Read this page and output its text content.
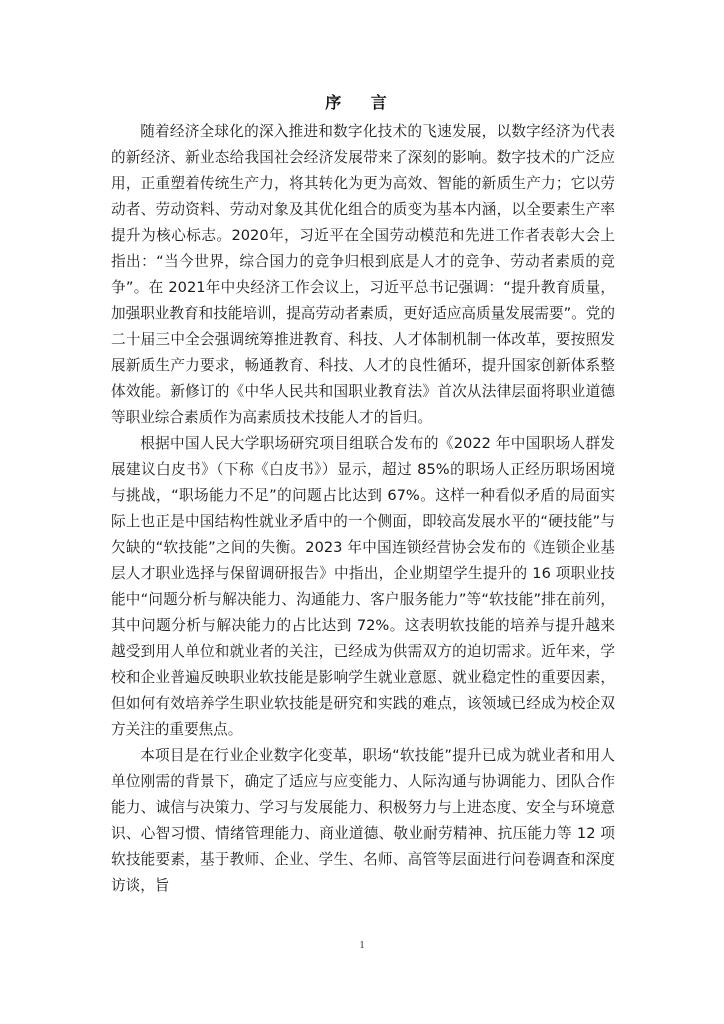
序 言

随着经济全球化的深入推进和数字化技术的飞速发展，以数字经济为代表的新经济、新业态给我国社会经济发展带来了深刻的影响。数字技术的广泛应用，正重塑着传统生产力，将其转化为更为高效、智能的新质生产力；它以劳动者、劳动资料、劳动对象及其优化组合的质变为基本内涵，以全要素生产率提升为核心标志。2020年，习近平在全国劳动模范和先进工作者表彰大会上指出：“当今世界，综合国力的竞争归根到底是人才的竞争、劳动者素质的竞争”。在 2021年中央经济工作会议上，习近平总书记强调：“提升教育质量，加强职业教育和技能培训，提高劳动者素质，更好适应高质量发展需要”。党的二十届三中全会强调统筹推进教育、科技、人才体制机制一体改革，要按照发展新质生产力要求，畅通教育、科技、人才的良性循环，提升国家创新体系整体效能。新修订的《中华人民共和国职业教育法》首次从法律层面将职业道德等职业综合素质作为高素质技术技能人才的旨归。

根据中国人民大学职场研究项目组联合发布的《2022 年中国职场人群发展建议白皮书》（下称《白皮书》）显示，超过 85%的职场人正经历职场困境与挑战，“职场能力不足”的问题占比达到 67%。这样一种看似矛盾的局面实际上也正是中国结构性就业矛盾中的一个侧面，即较高发展水平的“硬技能”与欠缺的“软技能”之间的失衡。2023 年中国连锁经营协会发布的《连锁企业基层人才职业选择与保留调研报告》中指出，企业期望学生提升的 16 项职业技能中“问题分析与解决能力、沟通能力、客户服务能力”等“软技能”排在前列，其中问题分析与解决能力的占比达到 72%。这表明软技能的培养与提升越来越受到用人单位和就业者的关注，已经成为供需双方的迫切需求。近年来，学校和企业普遍反映职业软技能是影响学生就业意愿、就业稳定性的重要因素，但如何有效培养学生职业软技能是研究和实践的难点，该领域已经成为校企双方关注的重要焦点。

本项目是在行业企业数字化变革，职场“软技能”提升已成为就业者和用人单位刚需的背景下，确定了适应与应变能力、人际沟通与协调能力、团队合作能力、诚信与决策力、学习与发展能力、积极努力与上进态度、安全与环境意识、心智习惯、情绪管理能力、商业道德、敬业耐劳精神、抗压能力等 12 项软技能要素，基于教师、企业、学生、名师、高管等层面进行问卷调查和深度访谈，旨

1
